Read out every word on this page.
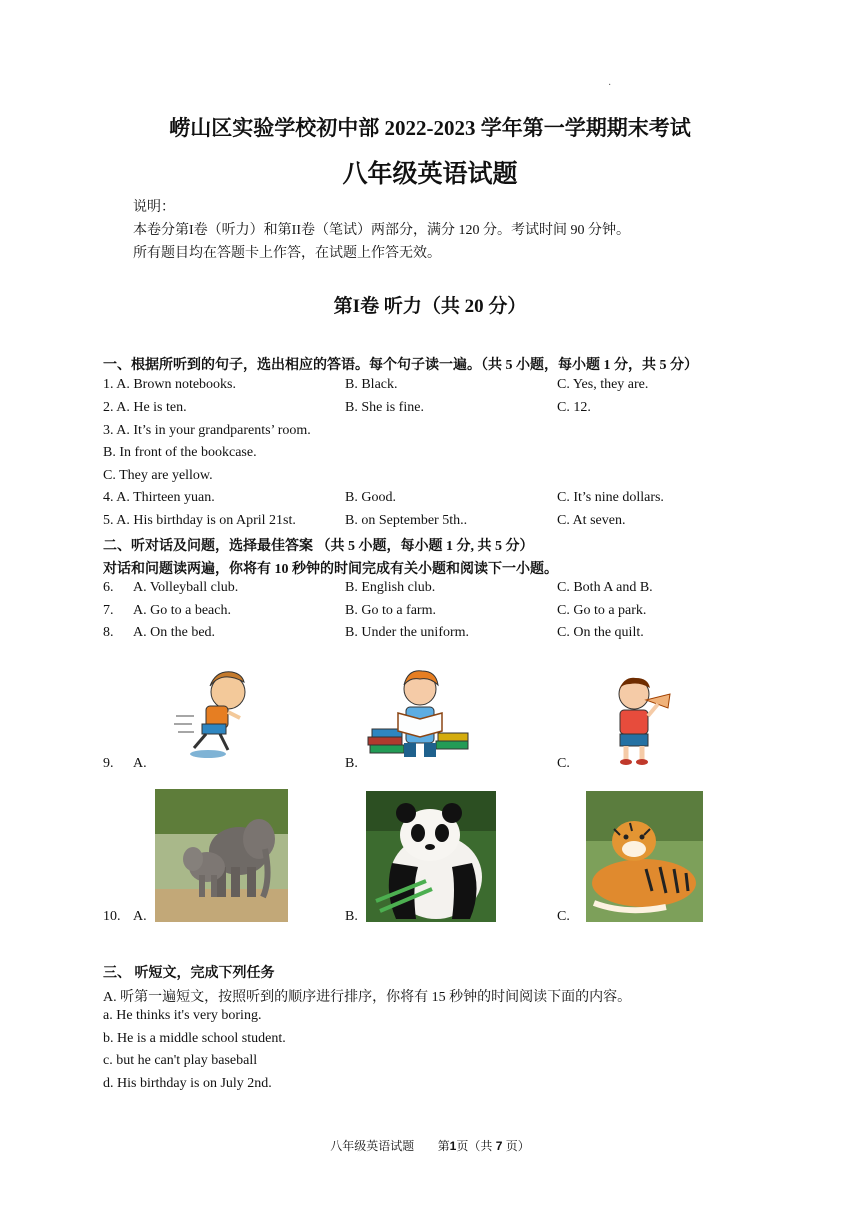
·
崂山区实验学校初中部 2022-2023 学年第一学期期末考试
八年级英语试题
说明：
本卷分第I卷（听力）和第II卷（笔试）两部分，满分 120 分。考试时间 90 分钟。
所有题目均在答题卡上作答，在试题上作答无效。
第I卷 听力（共 20 分）
一、根据所听到的句子，选出相应的答语。每个句子读一遍。（共 5 小题，每小题 1 分，共 5 分）
1. A. Brown notebooks.	B. Black.	C. Yes, they are.
2. A. He is ten.	B. She is fine.	C. 12.
3. A. It’s in your grandparents’ room.
B. In front of the bookcase.
C. They are yellow.
4. A. Thirteen yuan.	B. Good.	C. It’s nine dollars.
5. A. His birthday is on April 21st.	B. on September 5th..	C. At seven.
二、听对话及问题，选择最佳答案 （共 5 小题，每小题 1 分, 共 5 分）
对话和问题读两遍，你将有 10 秒钟的时间完成有关小题和阅读下一小题。
6. A. Volleyball club.	B. English club.	C. Both A and B.
7. A. Go to a beach.	B. Go to a farm.	C. Go to a park.
8. A. On the bed.	B. Under the uniform.	C. On the quilt.
9. A.	B.	C.
10. A.	B.	C.
三、 听短文，完成下列任务
A. 听第一遍短文，按照听到的顺序进行排序，你将有 15 秒钟的时间阅读下面的内容。
a. He thinks it's very boring.
b. He is a middle school student.
c. but he can't play baseball
d. His birthday is on July 2nd.
八年级英语试题 第1页（共 7 页）
